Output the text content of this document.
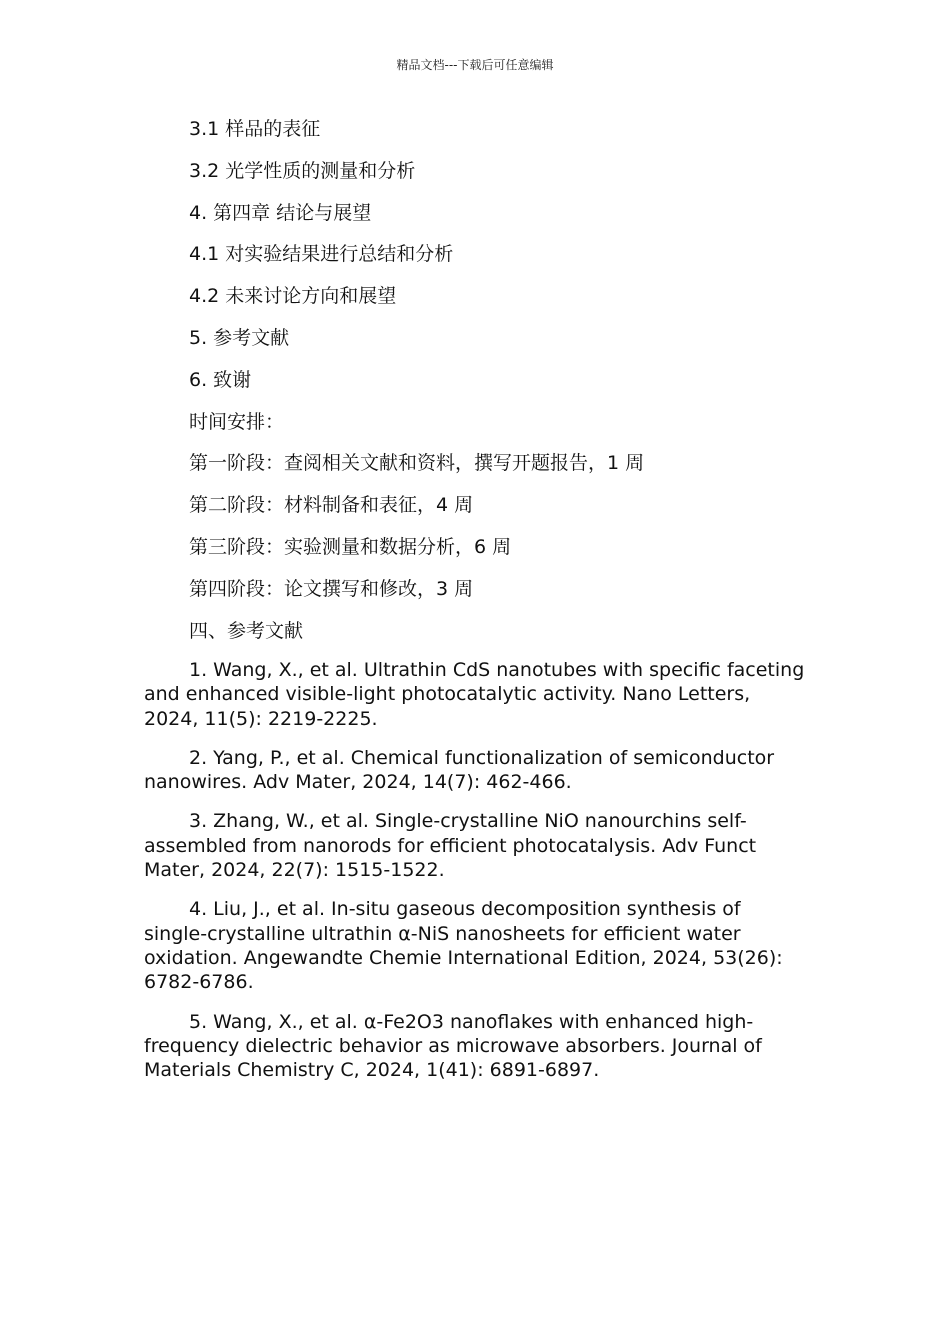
精品文档---下载后可任意编辑
3.1 样品的表征
3.2 光学性质的测量和分析
4. 第四章 结论与展望
4.1 对实验结果进行总结和分析
4.2 未来讨论方向和展望
5. 参考文献
6. 致谢
时间安排：
第一阶段：查阅相关文献和资料，撰写开题报告，1 周
第二阶段：材料制备和表征，4 周
第三阶段：实验测量和数据分析，6 周
第四阶段：论文撰写和修改，3 周
四、参考文献

1. Wang, X., et al. Ultrathin CdS nanotubes with specific faceting and enhanced visible-light photocatalytic activity. Nano Letters, 2024, 11(5): 2219-2225.

2. Yang, P., et al. Chemical functionalization of semiconductor nanowires. Adv Mater, 2024, 14(7): 462-466.

3. Zhang, W., et al. Single-crystalline NiO nanourchins self-assembled from nanorods for efficient photocatalysis. Adv Funct Mater, 2024, 22(7): 1515-1522.

4. Liu, J., et al. In-situ gaseous decomposition synthesis of single-crystalline ultrathin α-NiS nanosheets for efficient water oxidation. Angewandte Chemie International Edition, 2024, 53(26): 6782-6786.

5. Wang, X., et al. α-Fe2O3 nanoflakes with enhanced high-frequency dielectric behavior as microwave absorbers. Journal of Materials Chemistry C, 2024, 1(41): 6891-6897.
